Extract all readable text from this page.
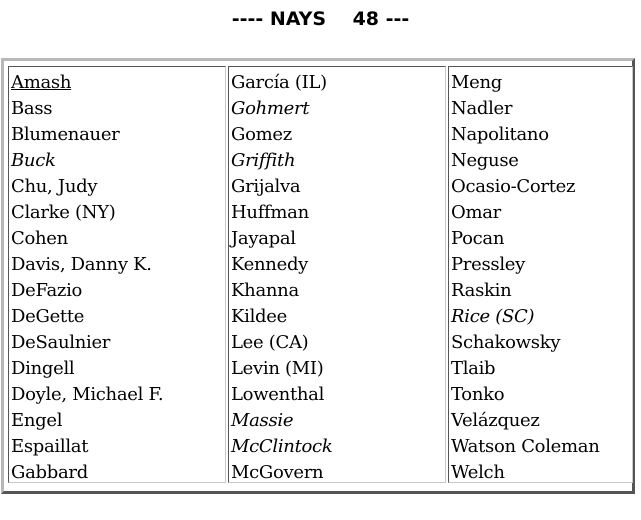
---- NAYS    48 ---
Amash
Bass
Blumenauer
Buck
Chu, Judy
Clarke (NY)
Cohen
Davis, Danny K.
DeFazio
DeGette
DeSaulnier
Dingell
Doyle, Michael F.
Engel
Espaillat
Gabbard
García (IL)
Gohmert
Gomez
Griffith
Grijalva
Huffman
Jayapal
Kennedy
Khanna
Kildee
Lee (CA)
Levin (MI)
Lowenthal
Massie
McClintock
McGovern
Meng
Nadler
Napolitano
Neguse
Ocasio-Cortez
Omar
Pocan
Pressley
Raskin
Rice (SC)
Schakowsky
Tlaib
Tonko
Velázquez
Watson Coleman
Welch
